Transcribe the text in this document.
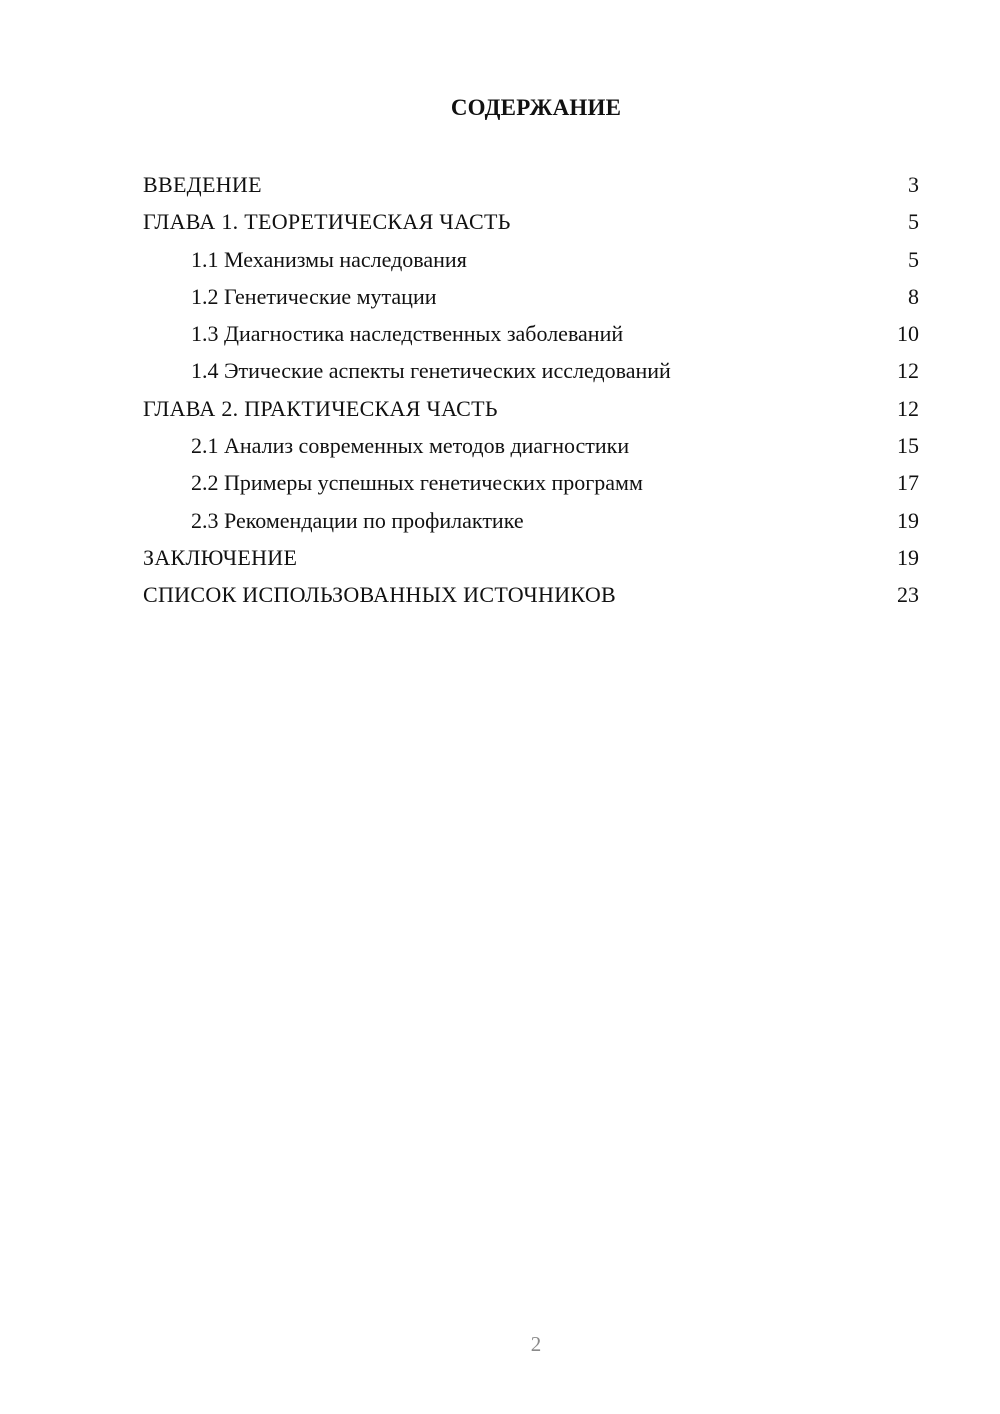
СОДЕРЖАНИЕ
ВВЕДЕНИЕ	3
ГЛАВА 1. ТЕОРЕТИЧЕСКАЯ ЧАСТЬ	5
1.1 Механизмы наследования	5
1.2 Генетические мутации	8
1.3 Диагностика наследственных заболеваний	10
1.4 Этические аспекты генетических исследований	12
ГЛАВА 2. ПРАКТИЧЕСКАЯ ЧАСТЬ	12
2.1 Анализ современных методов диагностики	15
2.2 Примеры успешных генетических программ	17
2.3 Рекомендации по профилактике	19
ЗАКЛЮЧЕНИЕ	19
СПИСОК ИСПОЛЬЗОВАННЫХ ИСТОЧНИКОВ	23
2
